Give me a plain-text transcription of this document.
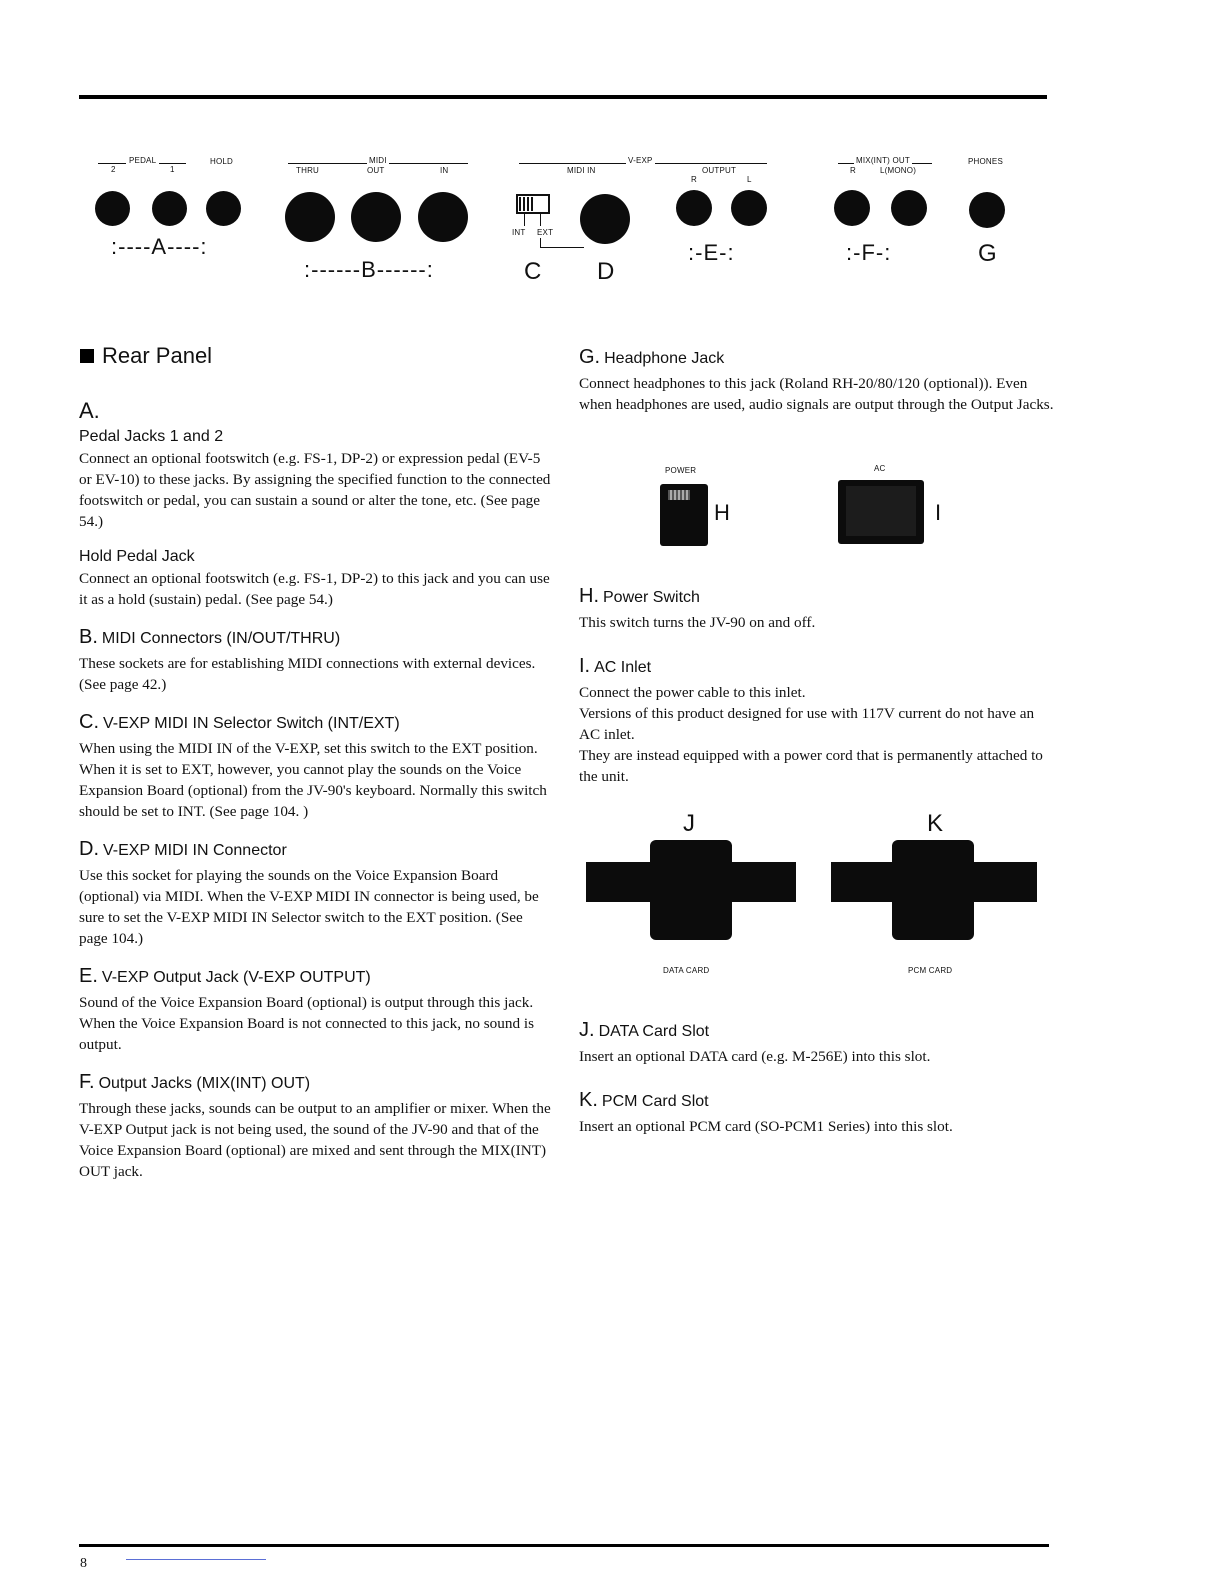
PEDAL
2	1
HOLD
:----A----:
MIDI
THRU	OUT	IN
:------B------:
V-EXP
MIDI IN	OUTPUT
R	L
INT EXT
C D
:-E-:
MIX(INT) OUT
R	L(MONO)
PHONES
:-F-:	G
Rear Panel
A.
Pedal Jacks 1 and 2

Connect an optional footswitch (e.g. FS-1, DP-2) or expression pedal (EV-5 or EV-10) to these jacks. By assigning the specified function to the connected footswitch or pedal, you can sustain a sound or alter the tone, etc. (See page 54.)

Hold Pedal Jack

Connect an optional footswitch (e.g. FS-1, DP-2) to this jack and you can use it as a hold (sustain) pedal. (See page 54.)

B. MIDI Connectors (IN/OUT/THRU)

These sockets are for establishing MIDI connections with external devices. (See page 42.)

C. V-EXP MIDI IN Selector Switch (INT/EXT)

When using the MIDI IN of the V-EXP, set this switch to the EXT position. When it is set to EXT, however, you cannot play the sounds on the Voice Expansion Board (optional) from the JV-90's keyboard. Normally this switch should be set to INT. (See page 104. )

D. V-EXP MIDI IN Connector

Use this socket for playing the sounds on the Voice Expansion Board (optional) via MIDI. When the V-EXP MIDI IN connector is being used, be sure to set the V-EXP MIDI IN Selector switch to the EXT position. (See page 104.)

E. V-EXP Output Jack (V-EXP OUTPUT)

Sound of the Voice Expansion Board (optional) is output through this jack. When the Voice Expansion Board is not connected to this jack, no sound is output.

F. Output Jacks (MIX(INT) OUT)

Through these jacks, sounds can be output to an amplifier or mixer. When the V-EXP Output jack is not being used, the sound of the JV-90 and that of the Voice Expansion Board (optional) are mixed and sent through the MIX(INT) OUT jack.

G. Headphone Jack

Connect headphones to this jack (Roland RH-20/80/120 (optional)). Even when headphones are used, audio signals are output through the Output Jacks.

POWER	AC
H	I
H. Power Switch

This switch turns the JV-90 on and off.

I. AC Inlet

Connect the power cable to this inlet.

Versions of this product designed for use with 117V current do not have an AC inlet.

They are instead equipped with a power cord that is permanently attached to the unit.

J	K
DATA CARD	PCM CARD
J. DATA Card Slot

Insert an optional DATA card (e.g. M-256E) into this slot.

K. PCM Card Slot

Insert an optional PCM card (SO-PCM1 Series) into this slot.

8
